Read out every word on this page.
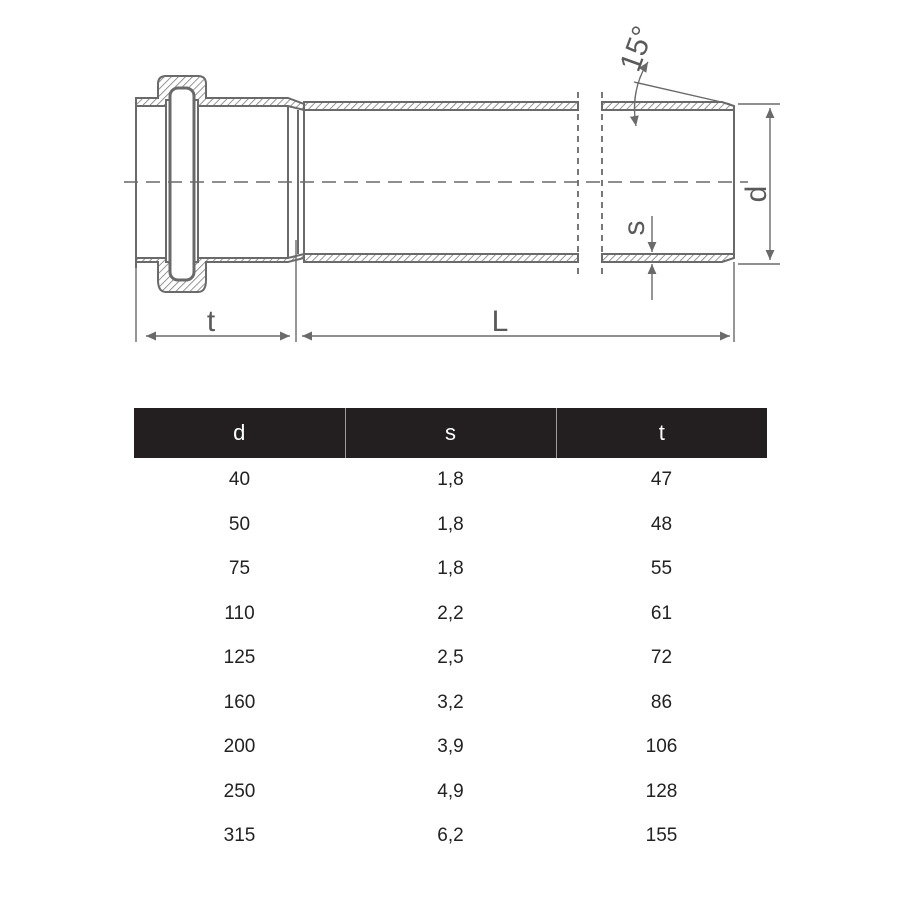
t	L
d
s
15°
d	s	t
40	1,8	47
50	1,8	48
75	1,8	55
110	2,2	61
125	2,5	72
160	3,2	86
200	3,9	106
250	4,9	128
315	6,2	155
